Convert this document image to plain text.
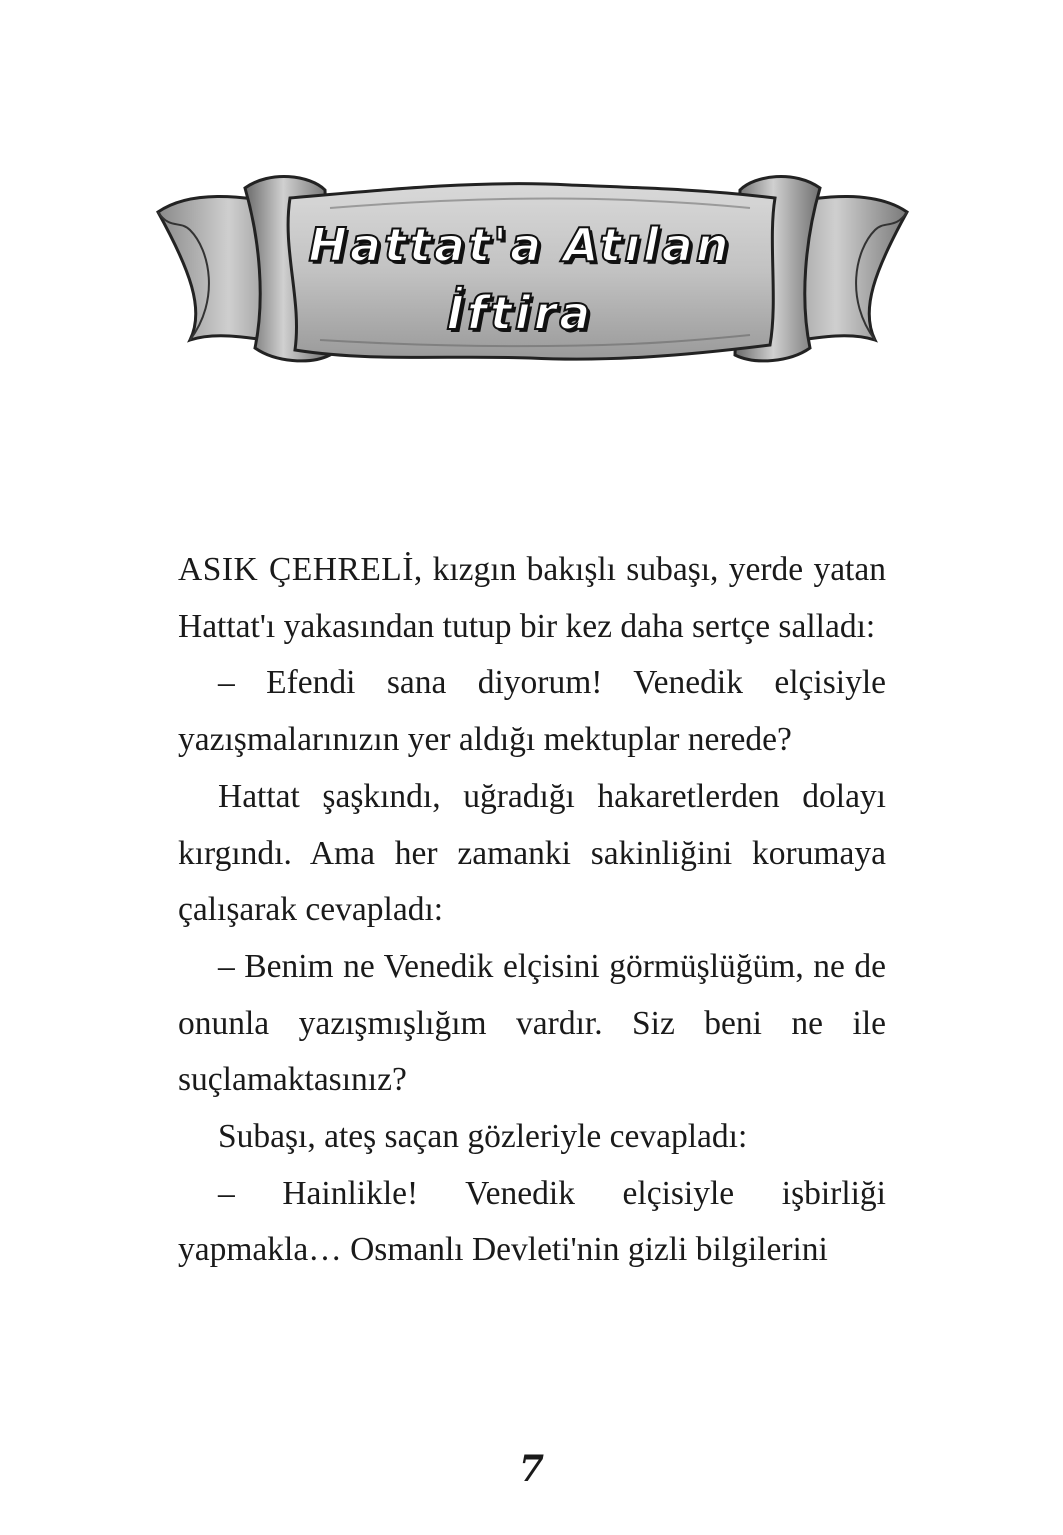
Hattat'a Atılan
İftira

ASIK ÇEHRELİ, kızgın bakışlı subaşı, yerde yatan Hattat'ı yakasından tutup bir kez daha sertçe salladı:

– Efendi sana diyorum! Venedik elçisiyle yazışmalarınızın yer aldığı mektuplar nerede?

Hattat şaşkındı, uğradığı hakaretlerden dolayı kırgındı. Ama her zamanki sakinliğini korumaya çalışarak cevapladı:

– Benim ne Venedik elçisini görmüşlüğüm, ne de onunla yazışmışlığım vardır. Siz beni ne ile suçlamaktasınız?

Subaşı, ateş saçan gözleriyle cevapladı:

– Hainlikle! Venedik elçisiyle işbirliği yapmakla… Osmanlı Devleti'nin gizli bilgilerini

7
